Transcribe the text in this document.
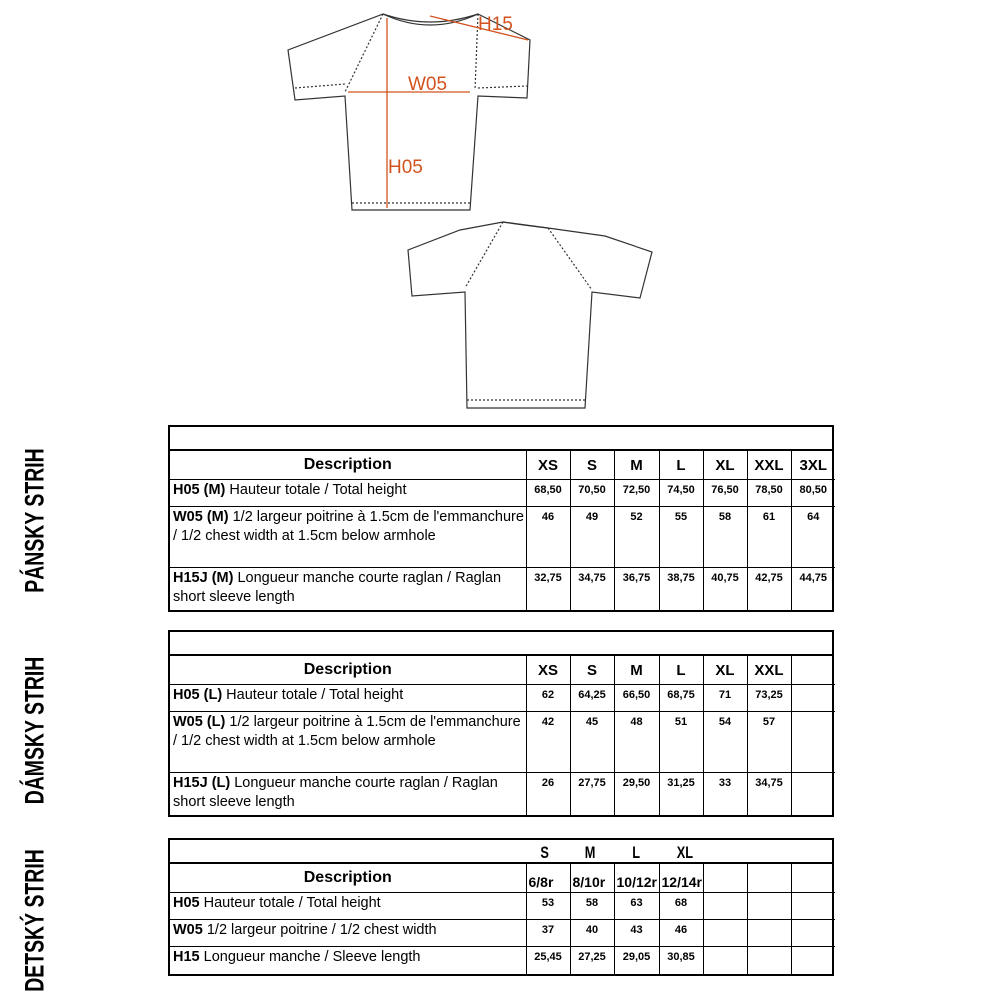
H15
W05
H05
PÁNSKY STRIH
DÁMSKY STRIH
DETSKÝ STRIH
Description	XS	S	M	L	XL	XXL	3XL
H05 (M) Hauteur totale / Total height	68,50	70,50	72,50	74,50	76,50	78,50	80,50
W05 (M) 1/2 largeur poitrine à 1.5cm de l'emmanchure / 1/2 chest width at 1.5cm below armhole	46	49	52	55	58	61	64
H15J (M) Longueur manche courte raglan / Raglan short sleeve length	32,75	34,75	36,75	38,75	40,75	42,75	44,75
Description	XS	S	M	L	XL	XXL	
H05 (L) Hauteur totale / Total height	62	64,25	66,50	68,75	71	73,25	
W05 (L) 1/2 largeur poitrine à 1.5cm de l'emmanchure / 1/2 chest width at 1.5cm below armhole	42	45	48	51	54	57	
H15J (L) Longueur manche courte raglan / Raglan short sleeve length	26	27,75	29,50	31,25	33	34,75	
S M L XL
Description	6/8r	8/10r	10/12r	12/14r			
H05 Hauteur totale / Total height	53	58	63	68			
W05 1/2 largeur poitrine / 1/2 chest width	37	40	43	46			
H15 Longueur manche / Sleeve length	25,45	27,25	29,05	30,85			
